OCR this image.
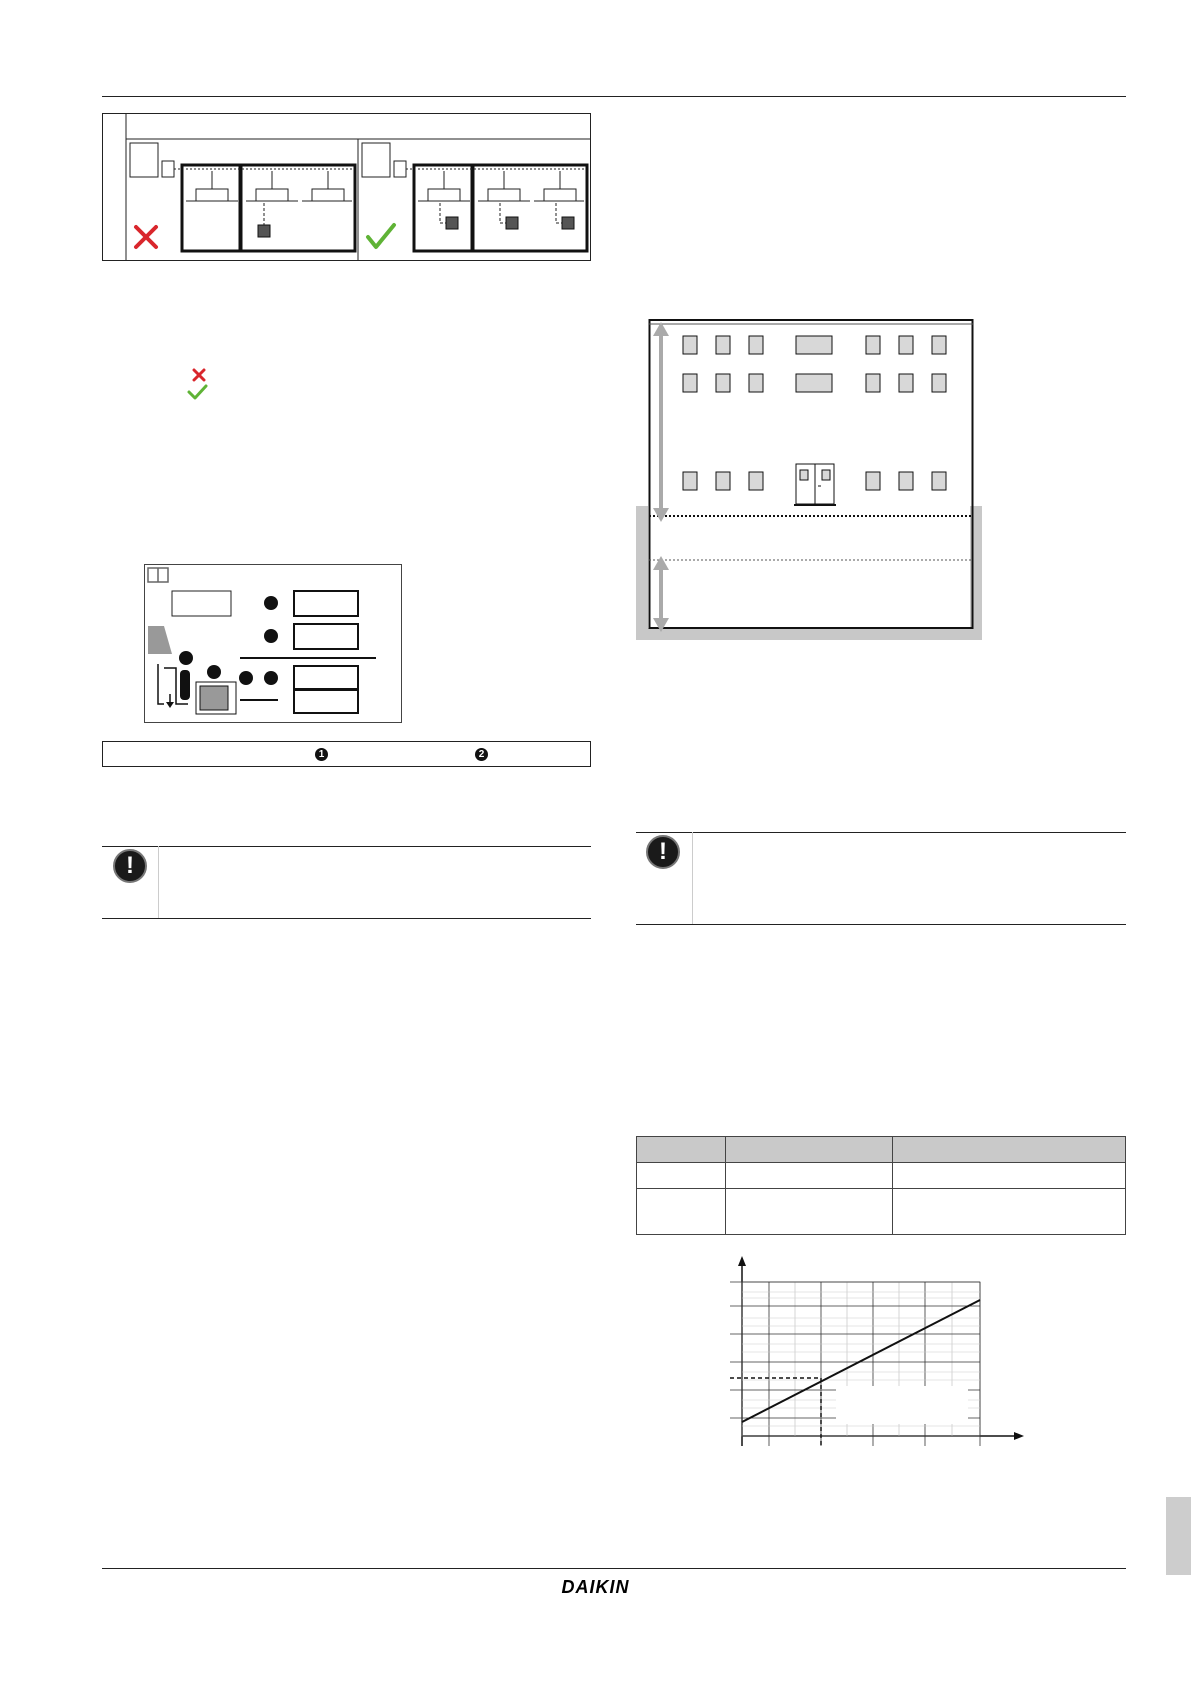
1	2
!
!

DAIKIN
